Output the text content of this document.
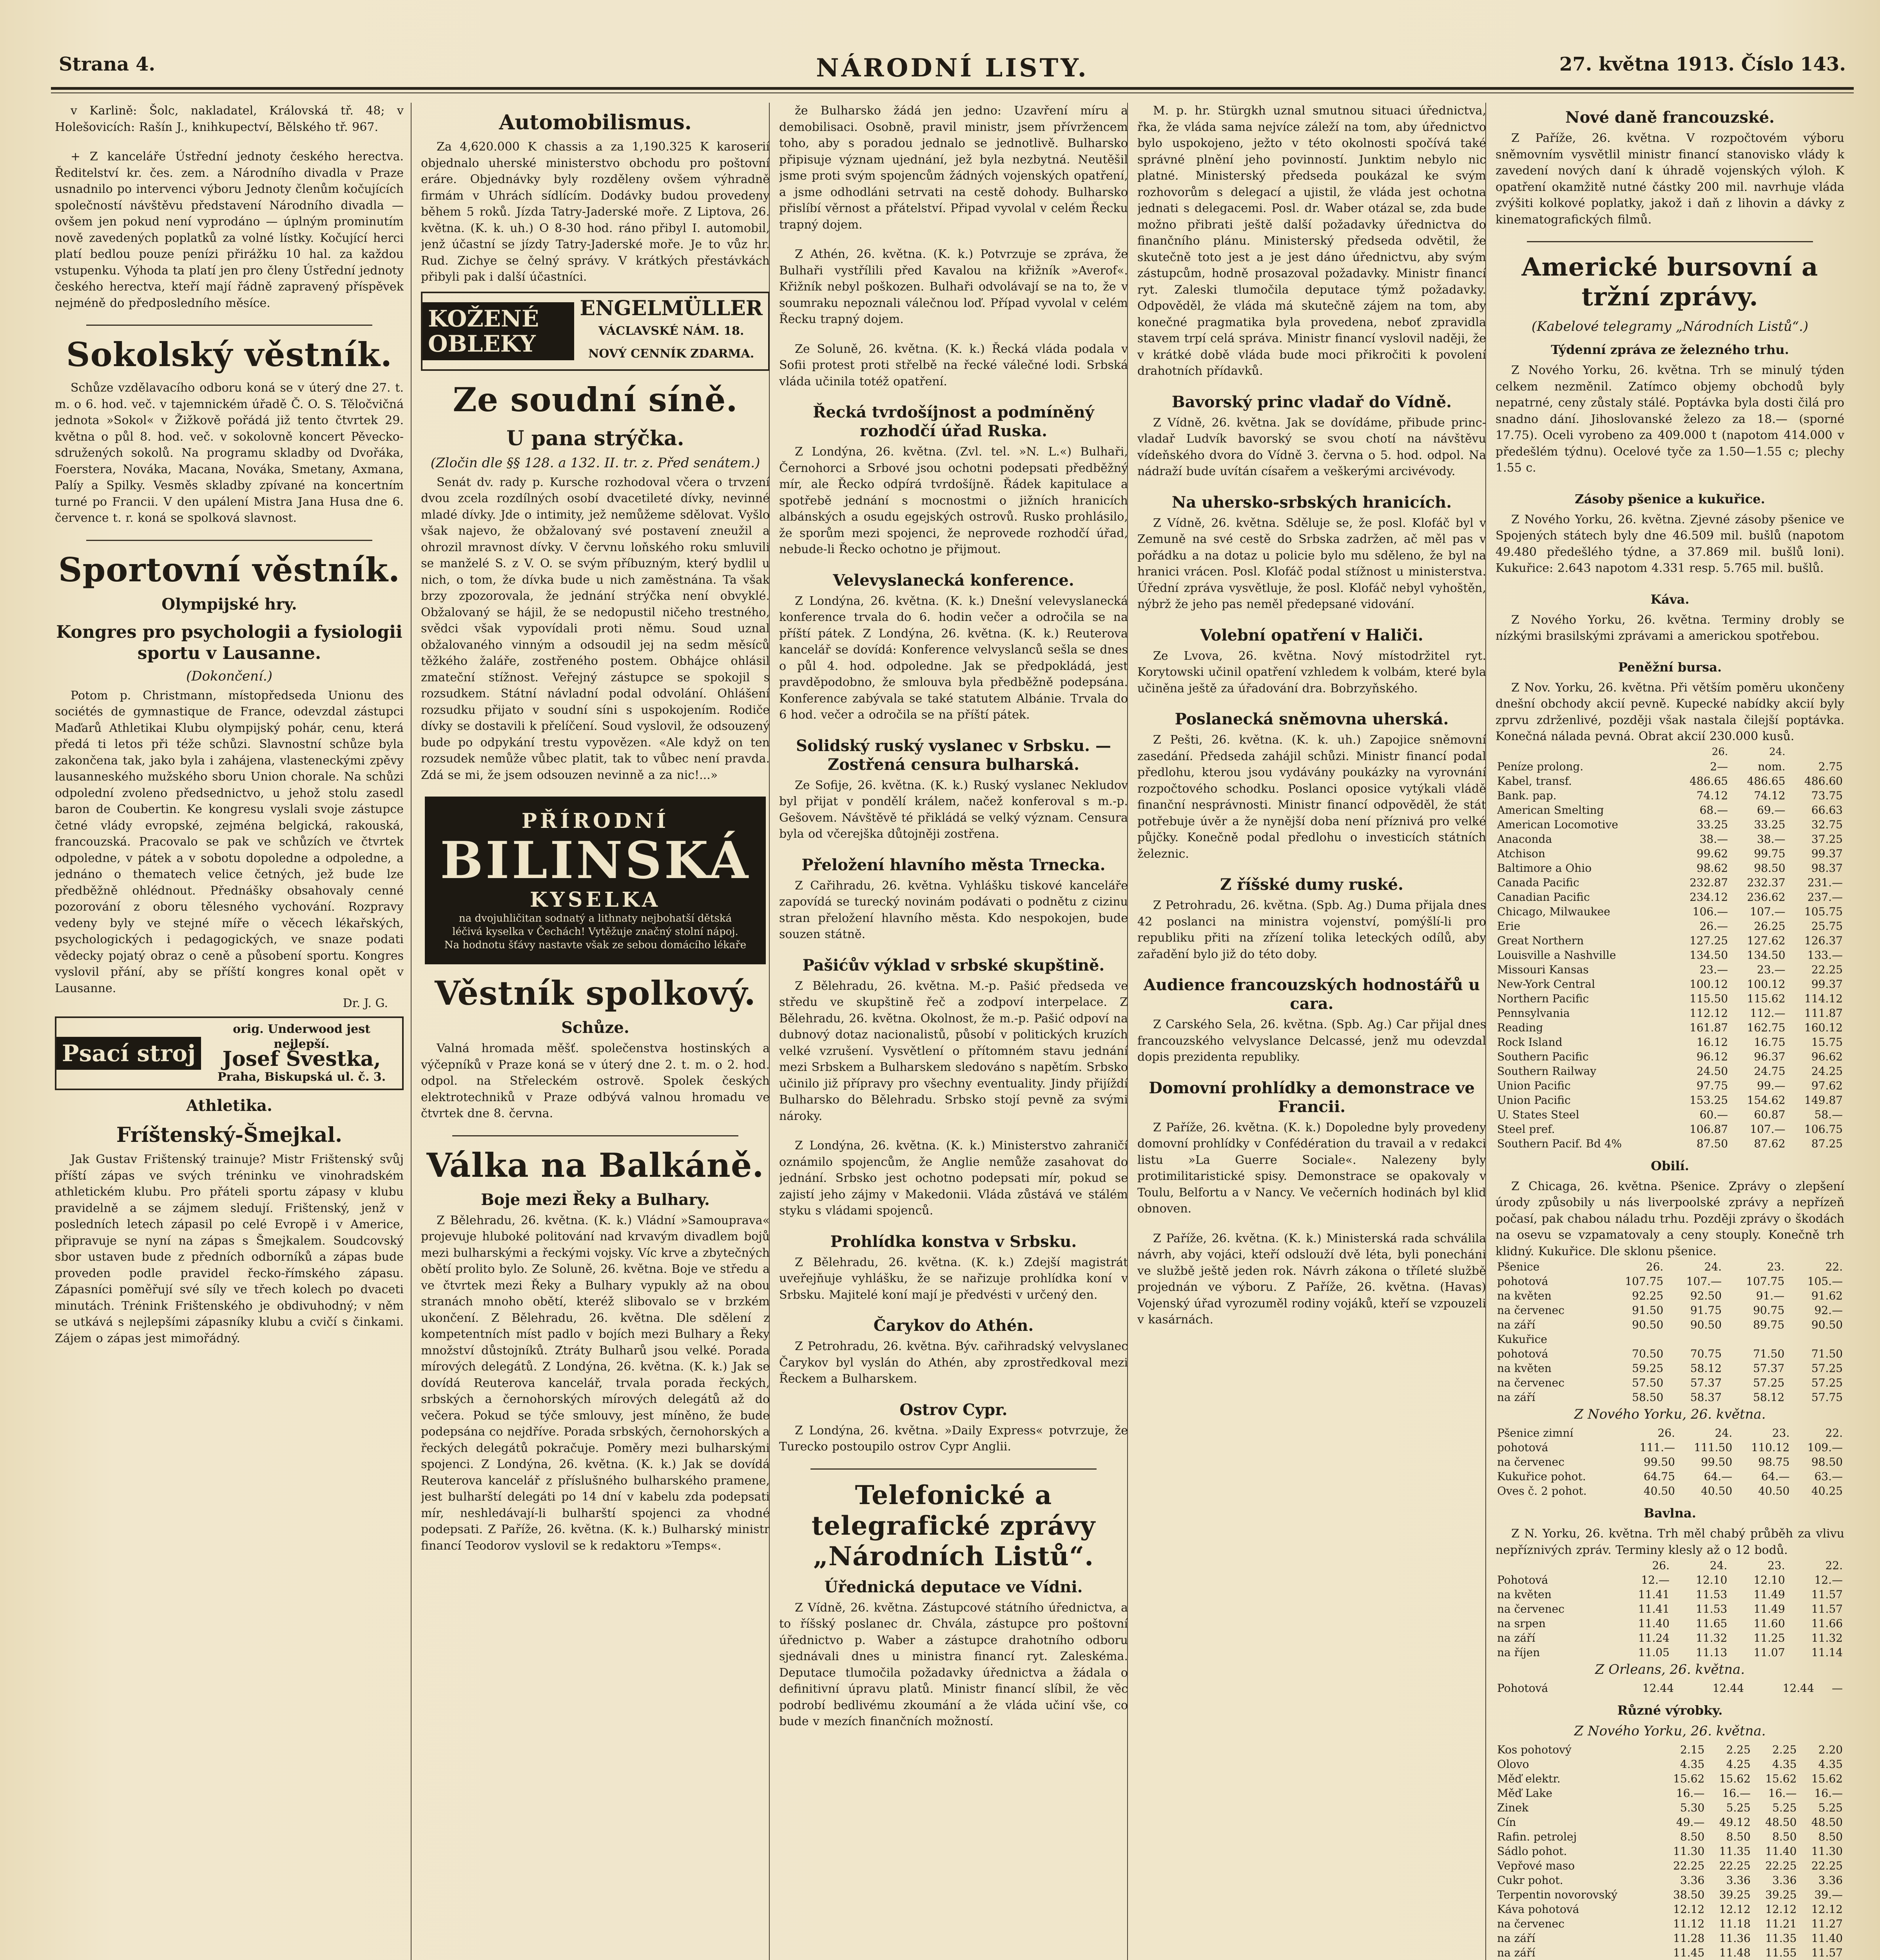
Strana 4.	NÁRODNÍ LISTY.	27. května 1913. Číslo 143.

v Karlině: Šolc, nakladatel, Královská tř. 48; v Holešovicích: Rašín J., knihkupectví, Bělského tř. 967.

+ Z kanceláře Ústřední jednoty českého herectva. Ředitelství kr. čes. zem. a Národního divadla v Praze usnadnilo po intervenci výboru Jednoty členům kočujících společností návštěvu představení Národního divadla — ovšem jen pokud není vyprodáno — úplným prominutím nově zavedených poplatků za volné lístky. Kočující herci platí bedlou pouze penízi přirážku 10 hal. za každou vstupenku. Výhoda ta platí jen pro členy Ústřední jednoty českého herectva, kteří mají řádně zapravený příspěvek nejméně do předposledního měsíce.

Sokolský věstník.

Schůze vzdělavacího odboru koná se v úterý dne 27. t. m. o 6. hod. več. v tajemnickém úřadě Č. O. S. Těločvičná jednota »Sokol« v Žižkově pořádá již tento čtvrtek 29. května o půl 8. hod. več. v sokolovně koncert Pěvecko-sdružených sokolů. Na programu skladby od Dvořáka, Foerstera, Nováka, Macana, Nováka, Smetany, Axmana, Palíy a Spilky. Vesměs skladby zpívané na koncertním turné po Francii. V den upálení Mistra Jana Husa dne 6. července t. r. koná se spolková slavnost.

Sportovní věstník.
Olympijské hry.
Kongres pro psychologii a fysiologii sportu v Lausanne.
(Dokončení.)

Potom p. Christmann, místopředseda Unionu des sociétés de gymnastique de France, odevzdal zástupci Maďarů Athletikai Klubu olympijský pohár, cenu, která předá ti letos při téže schůzi. Slavnostní schůze byla zakončena tak, jako byla i zahájena, vlasteneckými zpěvy lausanneského mužského sboru Union chorale. Na schůzi odpolední zvoleno předsednictvo, u jehož stolu zasedl baron de Coubertin. Ke kongresu vyslali svoje zástupce četné vlády evropské, zejména belgická, rakouská, francouzská. Pracovalo se pak ve schůzích ve čtvrtek odpoledne, v pátek a v sobotu dopoledne a odpoledne, a jednáno o thematech velice četných, jež bude lze předběžně ohlédnout. Přednášky obsahovaly cenné pozorování z oboru tělesného vychování. Rozpravy vedeny byly ve stejné míře o věcech lékařských, psychologických i pedagogických, ve snaze podati vědecky pojatý obraz o ceně a působení sportu. Kongres vyslovil přání, aby se příští kongres konal opět v Lausanne.

Dr. J. G.
Psací stroj
orig. Underwood jest nejlepší.
Josef Švestka,
Praha, Biskupská ul. č. 3.
Athletika.
Fríštenský-Šmejkal.

Jak Gustav Frištenský trainuje? Mistr Frištenský svůj příští zápas ve svých tréninku ve vinohradském athletickém klubu. Pro přáteli sportu zápasy v klubu pravidelně a se zájmem sledují. Frištenský, jenž v posledních letech zápasil po celé Evropě i v Americe, připravuje se nyní na zápas s Šmejkalem. Soudcovský sbor ustaven bude z předních odborníků a zápas bude proveden podle pravidel řecko-římského zápasu. Zápasníci poměřují své síly ve třech kolech po dvaceti minutách. Trénink Frištenského je obdivuhodný; v něm se utkává s nejlepšími zápasníky klubu a cvičí s činkami. Zájem o zápas jest mimořádný.

Automobilismus.

Za 4,620.000 K chassis a za 1,190.325 K karoserií objednalo uherské ministerstvo obchodu pro poštovní eráre. Objednávky byly rozděleny ovšem výhradně firmám v Uhrách sídlícím. Dodávky budou provedeny během 5 roků. Jízda Tatry-Jaderské moře. Z Liptova, 26. května. (K. k. uh.) O 8-30 hod. ráno přibyl I. automobil, jenž účastní se jízdy Tatry-Jaderské moře. Je to vůz hr. Rud. Zichye se čelný správy. V krátkých přestávkách přibyli pak i další účastníci.

KOŽENÉ OBLEKY
ENGELMÜLLER
VÁCLAVSKÉ NÁM. 18.
NOVÝ CENNÍK ZDARMA.
Ze soudní síně.
U pana strýčka.
(Zločin dle §§ 128. a 132. II. tr. z. Před senátem.)

Senát dv. rady p. Kursche rozhodoval včera o trvzení dvou zcela rozdílných osobí dvacetileté dívky, nevinné mladé dívky. Jde o intimity, jež nemůžeme sdělovat. Vyšlo však najevo, že obžalovaný své postavení zneužil a ohrozil mravnost dívky. V červnu loňského roku smluvili se manželé S. z V. O. se svým příbuzným, který bydlil u nich, o tom, že dívka bude u nich zaměstnána. Ta však brzy zpozorovala, že jednání strýčka není obvyklé. Obžalovaný se hájil, že se nedopustil ničeho trestného, svědci však vypovídali proti němu. Soud uznal obžalovaného vinným a odsoudil jej na sedm měsíců těžkého žaláře, zostřeného postem. Obhájce ohlásil zmateční stížnost. Veřejný zástupce se spokojil s rozsudkem. Státní návladní podal odvolání. Ohlášení rozsudku přijato v soudní síni s uspokojením. Rodiče dívky se dostavili k přelíčení. Soud vyslovil, že odsouzený bude po odpykání trestu vypovězen. «Ale když on ten rozsudek nemůže vůbec platit, tak to vůbec není pravda. Zdá se mi, že jsem odsouzen nevinně a za nic!...»

PŘÍRODNÍ
BILINSKÁ
KYSELKA
na dvojuhličitan sodnatý a lithnaty nejbohatší dětská
léčivá kyselka v Čechách! Vytěžuje značný stolní nápoj.
Na hodnotu šťávy nastavte však ze sebou domácího lékaře
Věstník spolkový.
Schůze.

Valná hromada měšť. společenstva hostinských a výčepníků v Praze koná se v úterý dne 2. t. m. o 2. hod. odpol. na Střeleckém ostrově. Spolek českých elektrotechniků v Praze odbývá valnou hromadu ve čtvrtek dne 8. června.

Válka na Balkáně.
Boje mezi Řeky a Bulhary.

Z Bělehradu, 26. května. (K. k.) Vládní »Samouprava« projevuje hluboké politování nad krvavým divadlem bojů mezi bulharskými a řeckými vojsky. Víc krve a zbytečných obětí prolito bylo. Ze Soluně, 26. května. Boje ve středu a ve čtvrtek mezi Řeky a Bulhary vypukly až na obou stranách mnoho obětí, kteréž slibovalo se v brzkém ukončení. Z Bělehradu, 26. května. Dle sdělení z kompetentních míst padlo v bojích mezi Bulhary a Řeky množství důstojníků. Ztráty Bulharů jsou velké. Porada mírových delegátů. Z Londýna, 26. května. (K. k.) Jak se dovídá Reuterova kancelář, trvala porada řeckých, srbských a černohorských mírových delegátů až do večera. Pokud se týče smlouvy, jest míněno, že bude podepsána co nejdříve. Porada srbských, černohorských a řeckých delegátů pokračuje. Poměry mezi bulharskými spojenci. Z Londýna, 26. května. (K. k.) Jak se dovídá Reuterova kancelář z příslušného bulharského pramene, jest bulharští delegáti po 14 dní v kabelu zda podepsati mír, neshledávají-li bulharští spojenci za vhodné podepsati. Z Paříže, 26. května. (K. k.) Bulharský ministr financí Teodorov vyslovil se k redaktoru »Temps«.

že Bulharsko žádá jen jedno: Uzavření míru a demobilisaci. Osobně, pravil ministr, jsem přívržencem toho, aby s poradou jednalo se jednotlivě. Bulharsko připisuje význam ujednání, jež byla nezbytná. Neutěšil jsme proti svým spojencům žádných vojenských opatření, a jsme odhodláni setrvati na cestě dohody. Bulharsko přislíbí věrnost a přátelství. Připad vyvolal v celém Řecku trapný dojem.

Z Athén, 26. května. (K. k.) Potvrzuje se zpráva, že Bulhaři vystřílili před Kavalou na křižník »Averof«. Křižník nebyl poškozen. Bulhaři odvolávají se na to, že v soumraku nepoznali válečnou loď. Případ vyvolal v celém Řecku trapný dojem.

Ze Soluně, 26. května. (K. k.) Řecká vláda podala v Sofii protest proti střelbě na řecké válečné lodi. Srbská vláda učinila totéž opatření.

Řecká tvrdošíjnost a podmíněný rozhodčí úřad Ruska.

Z Londýna, 26. května. (Zvl. tel. »N. L.«) Bulhaři, Černohorci a Srbové jsou ochotni podepsati předběžný mír, ale Řecko odpírá tvrdošíjně. Řádek kapitulace a spotřebě jednání s mocnostmi o jižních hranicích albánských a osudu egejských ostrovů. Rusko prohlásilo, že sporům mezi spojenci, že neprovede rozhodčí úřad, nebude-li Řecko ochotno je přijmout.

Velevyslanecká konference.

Z Londýna, 26. května. (K. k.) Dnešní velevyslanecká konference trvala do 6. hodin večer a odročila se na příští pátek. Z Londýna, 26. května. (K. k.) Reuterova kancelář se dovídá: Konference velvyslanců sešla se dnes o půl 4. hod. odpoledne. Jak se předpokládá, jest pravděpodobno, že smlouva byla předběžně podepsána. Konference zabývala se také statutem Albánie. Trvala do 6 hod. večer a odročila se na příští pátek.

Solidský ruský vyslanec v Srbsku. — Zostřená censura bulharská.

Ze Sofije, 26. května. (K. k.) Ruský vyslanec Nekludov byl přijat v pondělí králem, načež konferoval s m.-p. Gešovem. Návštěvě té přikládá se velký význam. Censura byla od včerejška důtojněji zostřena.

Přeložení hlavního města Trnecka.

Z Cařihradu, 26. května. Vyhlášku tiskové kanceláře zapovídá se turecký novinám podávati o podnětu z cizinu stran přeložení hlavního města. Kdo nespokojen, bude souzen státně.

Pašićův výklad v srbské skupštině.

Z Bělehradu, 26. května. M.-p. Pašić předseda ve středu ve skupštině řeč a zodpoví interpelace. Z Bělehradu, 26. května. Okolnost, že m.-p. Pašić odpoví na dubnový dotaz nacionalistů, působí v politických kruzích velké vzrušení. Vysvětlení o přítomném stavu jednání mezi Srbskem a Bulharskem sledováno s napětím. Srbsko učinilo již přípravy pro všechny eventuality. Jindy přijíždí Bulharsko do Bělehradu. Srbsko stojí pevně za svými nároky.

Z Londýna, 26. května. (K. k.) Ministerstvo zahraničí oznámilo spojencům, že Anglie nemůže zasahovat do jednání. Srbsko jest ochotno podepsati mír, pokud se zajistí jeho zájmy v Makedonii. Vláda zůstává ve stálém styku s vládami spojenců.

Prohlídka konstva v Srbsku.

Z Bělehradu, 26. května. (K. k.) Zdejší magistrát uveřejňuje vyhlášku, že se nařizuje prohlídka koní v Srbsku. Majitelé koní mají je předvésti v určený den.

Čarykov do Athén.

Z Petrohradu, 26. května. Býv. cařihradský velvyslanec Čarykov byl vyslán do Athén, aby zprostředkoval mezi Řeckem a Bulharskem.

Ostrov Cypr.

Z Londýna, 26. května. »Daily Express« potvrzuje, že Turecko postoupilo ostrov Cypr Anglii.

Telefonické a telegrafické zprávy „Národních Listů“.
Úřednická deputace ve Vídni.

Z Vídně, 26. května. Zástupcové státního úřednictva, a to říšský poslanec dr. Chvála, zástupce pro poštovní úřednictvo p. Waber a zástupce drahotního odboru sjednávali dnes u ministra financí ryt. Zaleskéma. Deputace tlumočila požadavky úřednictva a žádala o definitivní úpravu platů. Ministr financí slíbil, že věc podrobí bedlivému zkoumání a že vláda učiní vše, co bude v mezích finančních možností.

M. p. hr. Stürgkh uznal smutnou situaci úřednictva, řka, že vláda sama nejvíce záleží na tom, aby úřednictvo bylo uspokojeno, ježto v této okolnosti spočívá také správné plnění jeho povinností. Junktim nebylo nic platné. Ministerský předseda poukázal ke svým rozhovorům s delegací a ujistil, že vláda jest ochotna jednati s delegacemi. Posl. dr. Waber otázal se, zda bude možno přibrati ještě další požadavky úřednictva do finančního plánu. Ministerský předseda odvětil, že skutečně toto jest a je jest dáno úřednictvu, aby svým zástupcům, hodně prosazoval požadavky. Ministr financí ryt. Zaleski tlumočila deputace týmž požadavky. Odpověděl, že vláda má skutečně zájem na tom, aby konečné pragmatika byla provedena, neboť zpravidla stavem trpí celá správa. Ministr financí vyslovil naději, že v krátké době vláda bude moci přikročiti k povolení drahotních přídavků.

Bavorský princ vladař do Vídně.

Z Vídně, 26. května. Jak se dovídáme, přibude princ-vladař Ludvík bavorský se svou chotí na návštěvu vídeňského dvora do Vídně 3. června o 5. hod. odpol. Na nádraží bude uvítán císařem a veškerými arcivévody.

Na uhersko-srbských hranicích.

Z Vídně, 26. května. Sděluje se, že posl. Klofáč byl v Zemuně na své cestě do Srbska zadržen, ač měl pas v pořádku a na dotaz u policie bylo mu sděleno, že byl na hranici vrácen. Posl. Klofáč podal stížnost u ministerstva. Úřední zpráva vysvětluje, že posl. Klofáč nebyl vyhoštěn, nýbrž že jeho pas neměl předepsané vidování.

Volební opatření v Haliči.

Ze Lvova, 26. května. Nový místodržitel ryt. Korytowski učinil opatření vzhledem k volbám, které byla učiněna ještě za úřadování dra. Bobrzyňského.

Poslanecká sněmovna uherská.

Z Pešti, 26. května. (K. k. uh.) Zapojice sněmovní zasedání. Předseda zahájil schůzi. Ministr financí podal předlohu, kterou jsou vydávány poukázky na vyrovnání rozpočtového schodku. Poslanci oposice vytýkali vládě finanční nesprávnosti. Ministr financí odpověděl, že stát potřebuje úvěr a že nynější doba není příznivá pro velké půjčky. Konečně podal předlohu o investicích státních železnic.

Z říšské dumy ruské.

Z Petrohradu, 26. května. (Spb. Ag.) Duma přijala dnes 42 poslanci na ministra vojenství, pomýšlí-li pro republiku přiti na zřízení tolika leteckých odílů, aby zařadění bylo již do této doby.

Audience francouzských hodnostářů u cara.

Z Carského Sela, 26. května. (Spb. Ag.) Car přijal dnes francouzského velvyslance Delcassé, jenž mu odevzdal dopis prezidenta republiky.

Domovní prohlídky a demonstrace ve Francii.

Z Paříže, 26. května. (K. k.) Dopoledne byly provedeny domovní prohlídky v Confédération du travail a v redakci listu »La Guerre Sociale«. Nalezeny byly protimilitaristické spisy. Demonstrace se opakovaly v Toulu, Belfortu a v Nancy. Ve večerních hodinách byl klid obnoven.

Z Paříže, 26. května. (K. k.) Ministerská rada schválila návrh, aby vojáci, kteří odslouží dvě léta, byli ponecháni ve službě ještě jeden rok. Návrh zákona o tříleté službě projednán ve výboru. Z Paříže, 26. května. (Havas) Vojenský úřad vyrozuměl rodiny vojáků, kteří se vzpouzeli v kasárnách.

Nové daně francouzské.

Z Paříže, 26. května. V rozpočtovém výboru sněmovním vysvětlil ministr financí stanovisko vlády k zavedení nových daní k úhradě vojenských výloh. K opatření okamžitě nutné částky 200 mil. navrhuje vláda zvýšiti kolkové poplatky, jakož i daň z lihovin a dávky z kinematografických filmů.

Americké bursovní a tržní zprávy.
(Kabelové telegramy „Národních Listů“.)
Týdenní zpráva ze železného trhu.

Z Nového Yorku, 26. května. Trh se minulý týden celkem nezměnil. Zatímco objemy obchodů byly nepatrné, ceny zůstaly stálé. Poptávka byla dosti čilá pro snadno dání. Jihoslovanské železo za 18.— (sporné 17.75). Oceli vyrobeno za 409.000 t (napotom 414.000 v předešlém týdnu). Ocelové tyče za 1.50—1.55 c; plechy 1.55 c.

Zásoby pšenice a kukuřice.

Z Nového Yorku, 26. května. Zjevné zásoby pšenice ve Spojených státech byly dne 46.509 mil. bušlů (napotom 49.480 předešlého týdne, a 37.869 mil. bušlů loni). Kukuřice: 2.643 napotom 4.331 resp. 5.765 mil. bušlů.

Káva.

Z Nového Yorku, 26. května. Terminy drobly se nízkými brasilskými zprávami a americkou spotřebou.

Peněžní bursa.

Z Nov. Yorku, 26. května. Při větším poměru ukončeny dnešní obchody akcií pevně. Kupecké nabídky akcií byly zprvu zdrženlivé, později však nastala čilejší poptávka. Konečná nálada pevná. Obrat akcií 230.000 kusů.

	26.	24.	
Peníze prolong.	2—	nom.	2.75
Kabel, transf.	486.65	486.65	486.60
Bank. pap.	74.12	74.12	73.75
American Smelting	68.—	69.—	66.63
American Locomotive	33.25	33.25	32.75
Anaconda	38.—	38.—	37.25
Atchison	99.62	99.75	99.37
Baltimore a Ohio	98.62	98.50	98.37
Canada Pacific	232.87	232.37	231.—
Canadian Pacific	234.12	236.62	237.—
Chicago, Milwaukee	106.—	107.—	105.75
Erie	26.—	26.25	25.75
Great Northern	127.25	127.62	126.37
Louisville a Nashville	134.50	134.50	133.—
Missouri Kansas	23.—	23.—	22.25
New-York Central	100.12	100.12	99.37
Northern Pacific	115.50	115.62	114.12
Pennsylvania	112.12	112.—	111.87
Reading	161.87	162.75	160.12
Rock Island	16.12	16.75	15.75
Southern Pacific	96.12	96.37	96.62
Southern Railway	24.50	24.75	24.25
Union Pacific	97.75	99.—	97.62
Union Pacific	153.25	154.62	149.87
U. States Steel	60.—	60.87	58.—
Steel pref.	106.87	107.—	106.75
Southern Pacif. Bd 4%	87.50	87.62	87.25
Obilí.

Z Chicaga, 26. května. Pšenice. Zprávy o zlepšení úrody způsobily u nás liverpoolské zprávy a nepřízeň počasí, pak chabou náladu trhu. Později zprávy o škodách na osevu se vzpamatovaly a ceny stouply. Konečně trh klidný. Kukuřice. Dle sklonu pšenice.

Pšenice	26.	24.	23.	22.
pohotová	107.75	107.—	107.75	105.—
na květen	92.25	92.50	91.—	91.62
na červenec	91.50	91.75	90.75	92.—
na září	90.50	90.50	89.75	90.50
Kukuřice				
pohotová	70.50	70.75	71.50	71.50
na květen	59.25	58.12	57.37	57.25
na červenec	57.50	57.37	57.25	57.25
na září	58.50	58.37	58.12	57.75
Z Nového Yorku, 26. května.
Pšenice zimní	26.	24.	23.	22.
pohotová	111.—	111.50	110.12	109.—
na červenec	99.50	99.50	98.75	98.50
Kukuřice pohot.	64.75	64.—	64.—	63.—
Oves č. 2 pohot.	40.50	40.50	40.50	40.25
Bavlna.

Z N. Yorku, 26. května. Trh měl chabý průběh za vlivu nepříznivých zpráv. Terminy klesly až o 12 bodů.

	26.	24.	23.	22.
Pohotová	12.—	12.10	12.10	12.—
na květen	11.41	11.53	11.49	11.57
na červenec	11.41	11.53	11.49	11.57
na srpen	11.40	11.65	11.60	11.66
na září	11.24	11.32	11.25	11.32
na říjen	11.05	11.13	11.07	11.14
Z Orleans, 26. května.
Pohotová	12.44	12.44	12.44	—
Různé výrobky.
Z Nového Yorku, 26. května.
Kos pohotový	2.15	2.25	2.25	2.20
Olovo	4.35	4.25	4.35	4.35
Měď elektr.	15.62	15.62	15.62	15.62
Měď Lake	16.—	16.—	16.—	16.—
Zinek	5.30	5.25	5.25	5.25
Cín	49.—	49.12	48.50	48.50
Rafin. petrolej	8.50	8.50	8.50	8.50
Sádlo pohot.	11.30	11.35	11.40	11.30
Vepřové maso	22.25	22.25	22.25	22.25
Cukr pohot.	3.36	3.36	3.36	3.36
Terpentin novorovský	38.50	39.25	39.25	39.—
Káva pohotová	12.12	12.12	12.12	12.12
na červenec	11.12	11.18	11.21	11.27
na září	11.28	11.36	11.35	11.40
na září	11.45	11.48	11.55	11.57
